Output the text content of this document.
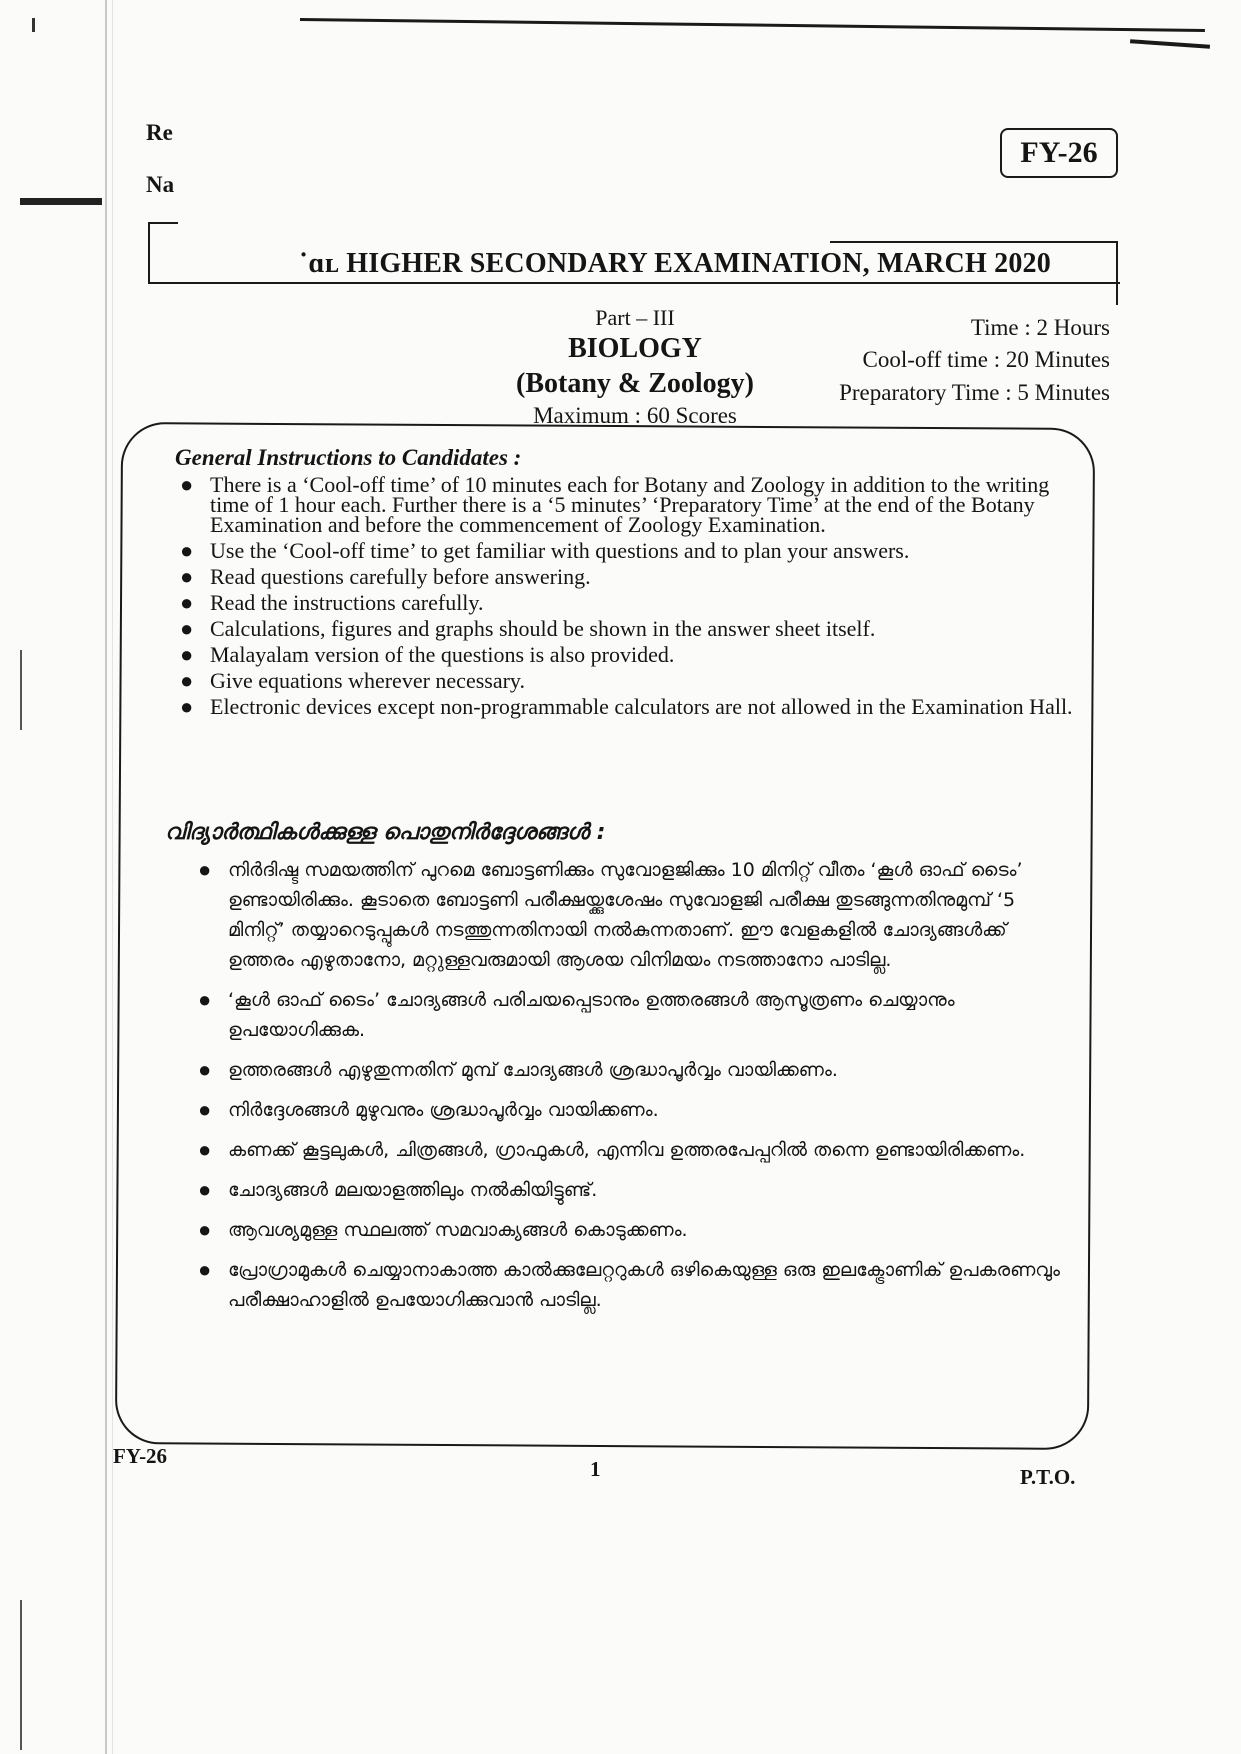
Re
Na
FY-26
    ˙ɑʟ HIGHER SECONDARY EXAMINATION, MARCH 2020
Part – III
BIOLOGY
(Botany & Zoology)
Maximum : 60 Scores
Time : 2 Hours
Cool-off time : 20 Minutes
Preparatory Time : 5 Minutes
General Instructions to Candidates :
● There is a ‘Cool-off time’ of 10 minutes each for Botany and Zoology in addition to the writing time of 1 hour each. Further there is a ‘5 minutes’ ‘Preparatory Time’ at the end of the Botany Examination and before the commencement of Zoology Examination.
● Use the ‘Cool-off time’ to get familiar with questions and to plan your answers.
● Read questions carefully before answering.
● Read the instructions carefully.
● Calculations, figures and graphs should be shown in the answer sheet itself.
● Malayalam version of the questions is also provided.
● Give equations wherever necessary.
● Electronic devices except non-programmable calculators are not allowed in the Examination Hall.
വിദ്യാർത്ഥികൾക്കുള്ള പൊതുനിർദ്ദേശങ്ങൾ :
● നിർദിഷ്ട സമയത്തിന് പുറമെ ബോട്ടണിക്കും സുവോളജിക്കും 10 മിനിറ്റ് വീതം ‘കൂൾ ഓഫ് ടൈം’ ഉണ്ടായിരിക്കും. കൂടാതെ ബോട്ടണി പരീക്ഷയ്ക്കുശേഷം സുവോളജി പരീക്ഷ തുടങ്ങുന്നതിനുമുമ്പ് ‘5 മിനിറ്റ്’ തയ്യാറെടുപ്പുകൾ നടത്തുന്നതിനായി നൽകുന്നതാണ്. ഈ വേളകളിൽ ചോദ്യങ്ങൾക്ക് ഉത്തരം എഴുതാനോ, മറ്റുള്ളവരുമായി ആശയ വിനിമയം നടത്താനോ പാടില്ല.
● ‘കൂൾ ഓഫ് ടൈം’ ചോദ്യങ്ങൾ പരിചയപ്പെടാനും ഉത്തരങ്ങൾ ആസൂത്രണം ചെയ്യാനും ഉപയോഗിക്കുക.
● ഉത്തരങ്ങൾ എഴുതുന്നതിന് മുമ്പ് ചോദ്യങ്ങൾ ശ്രദ്ധാപൂർവ്വം വായിക്കണം.
● നിർദ്ദേശങ്ങൾ മുഴുവനും ശ്രദ്ധാപൂർവ്വം വായിക്കണം.
● കണക്ക് കൂട്ടലുകൾ, ചിത്രങ്ങൾ, ഗ്രാഫുകൾ, എന്നിവ ഉത്തരപേപ്പറിൽ തന്നെ ഉണ്ടായിരിക്കണം.
● ചോദ്യങ്ങൾ മലയാളത്തിലും നൽകിയിട്ടുണ്ട്.
● ആവശ്യമുള്ള സ്ഥലത്ത് സമവാക്യങ്ങൾ കൊടുക്കണം.
● പ്രോഗ്രാമുകൾ ചെയ്യാനാകാത്ത കാൽക്കുലേറ്ററുകൾ ഒഴികെയുള്ള ഒരു ഇലക്ട്രോണിക് ഉപകരണവും പരീക്ഷാഹാളിൽ ഉപയോഗിക്കുവാൻ പാടില്ല.
FY-26
1	P.T.O.
